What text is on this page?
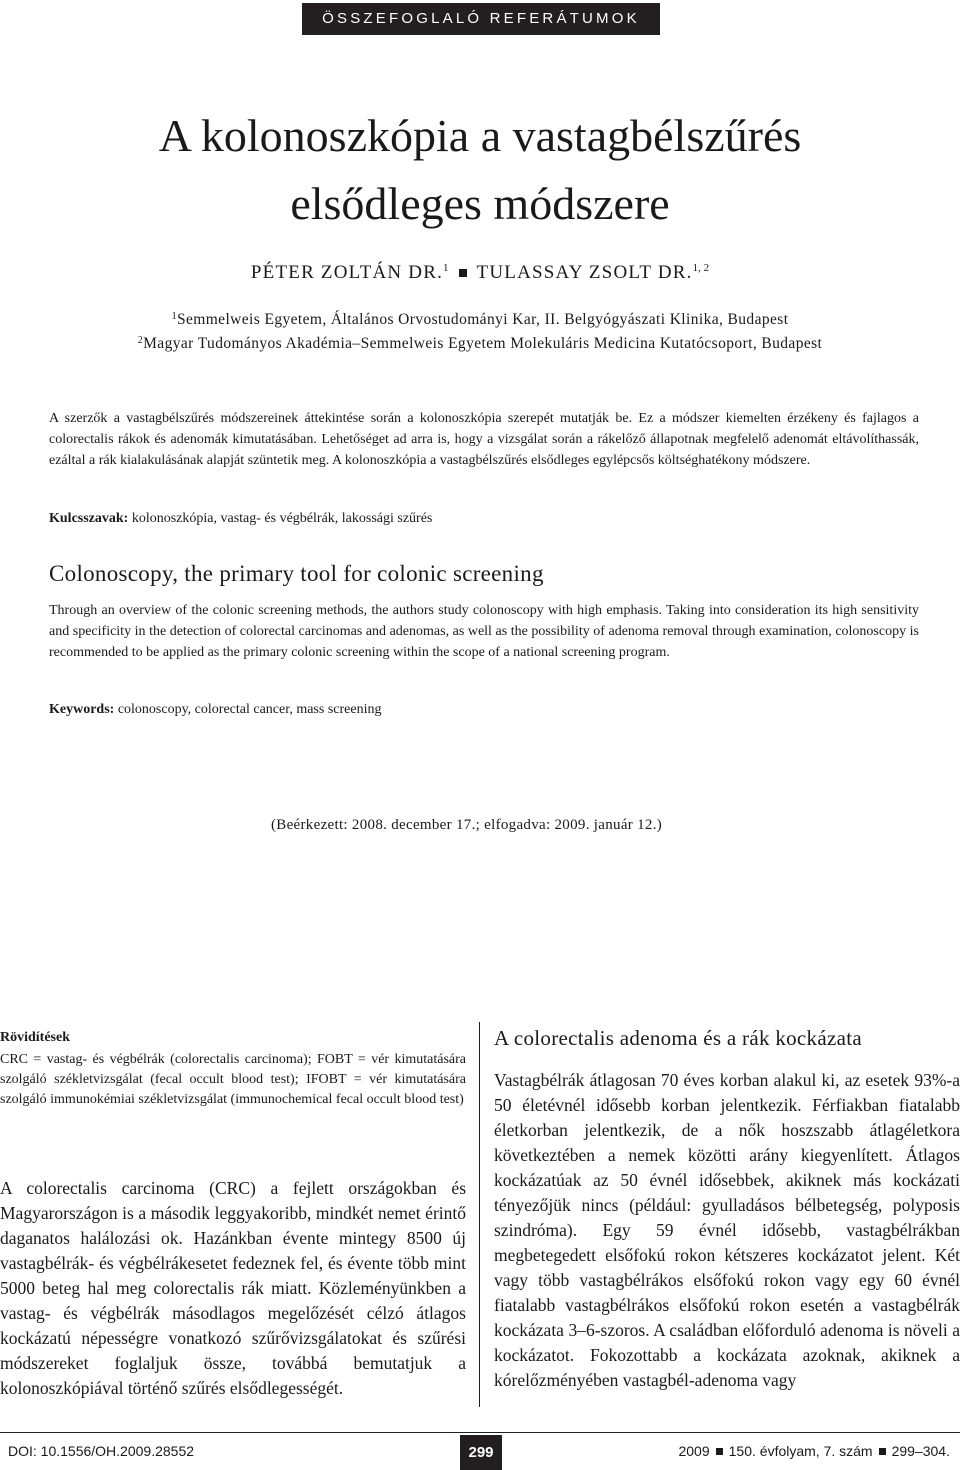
ÖSSZEFOGLALÓ REFERÁTUMOK
A kolonoszkópia a vastagbélszűrés
elsődleges módszere
PÉTER ZOLTÁN DR.$^1$ TULASSAY ZSOLT DR.$^{1, 2}$
$^1$Semmelweis Egyetem, Általános Orvostudományi Kar, II. Belgyógyászati Klinika, Budapest
$^2$Magyar Tudományos Akadémia–Semmelweis Egyetem Molekuláris Medicina Kutatócsoport, Budapest

A szerzők a vastagbélszűrés módszereinek áttekintése során a kolonoszkópia szerepét mutatják be. Ez a módszer kiemelten érzékeny és fajlagos a colorectalis rákok és adenomák kimutatásában. Lehetőséget ad arra is, hogy a vizsgálat során a rákelőző állapotnak megfelelő adenomát eltávolíthassák, ezáltal a rák kialakulásának alapját szüntetik meg. A kolonoszkópia a vastagbélszűrés elsődleges egylépcsős költséghatékony módszere.

Kulcsszavak: kolonoszkópia, vastag- és végbélrák, lakossági szűrés
Colonoscopy, the primary tool for colonic screening

Through an overview of the colonic screening methods, the authors study colonoscopy with high emphasis. Taking into consideration its high sensitivity and specificity in the detection of colorectal carcinomas and adenomas, as well as the possibility of adenoma removal through examination, colonoscopy is recommended to be applied as the primary colonic screening within the scope of a national screening program.

Keywords: colonoscopy, colorectal cancer, mass screening
(Beérkezett: 2008. december 17.; elfogadva: 2009. január 12.)
Rövidítések

CRC = vastag- és végbélrák (colorectalis carcinoma); FOBT = vér kimutatására szolgáló székletvizsgálat (fecal occult blood test); IFOBT = vér kimutatására szolgáló immunokémiai székletvizsgálat (immunochemical fecal occult blood test)

A colorectalis carcinoma (CRC) a fejlett országokban és Magyarországon is a második leggyakoribb, mindkét nemet érintő daganatos halálozási ok. Hazánkban évente mintegy 8500 új vastagbélrák- és végbélrákesetet fedeznek fel, és évente több mint 5000 beteg hal meg colorectalis rák miatt. Közleményünkben a vastag- és végbélrák másodlagos megelőzését célzó átlagos kockázatú népességre vonatkozó szűrővizsgálatokat és szűrési módszereket foglaljuk össze, továbbá bemutatjuk a kolonoszkópiával történő szűrés elsődlegességét.

A colorectalis adenoma és a rák kockázata

Vastagbélrák átlagosan 70 éves korban alakul ki, az esetek 93%-a 50 életévnél idősebb korban jelentkezik. Férfiakban fiatalabb életkorban jelentkezik, de a nők hoszszabb átlagéletkora következtében a nemek közötti arány kiegyenlített. Átlagos kockázatúak az 50 évnél idősebbek, akiknek más kockázati tényezőjük nincs (például: gyulladásos bélbetegség, polyposis szindróma). Egy 59 évnél idősebb, vastagbélrákban megbetegedett elsőfokú rokon kétszeres kockázatot jelent. Két vagy több vastagbélrákos elsőfokú rokon vagy egy 60 évnél fiatalabb vastagbélrákos elsőfokú rokon esetén a vastagbélrák kockázata 3–6-szoros. A családban előforduló adenoma is növeli a kockázatot. Fokozottabb a kockázata azoknak, akiknek a kórelőzményében vastagbél-adenoma vagy

DOI: 10.1556/OH.2009.28552	299	2009 150. évfolyam, 7. szám 299–304.
